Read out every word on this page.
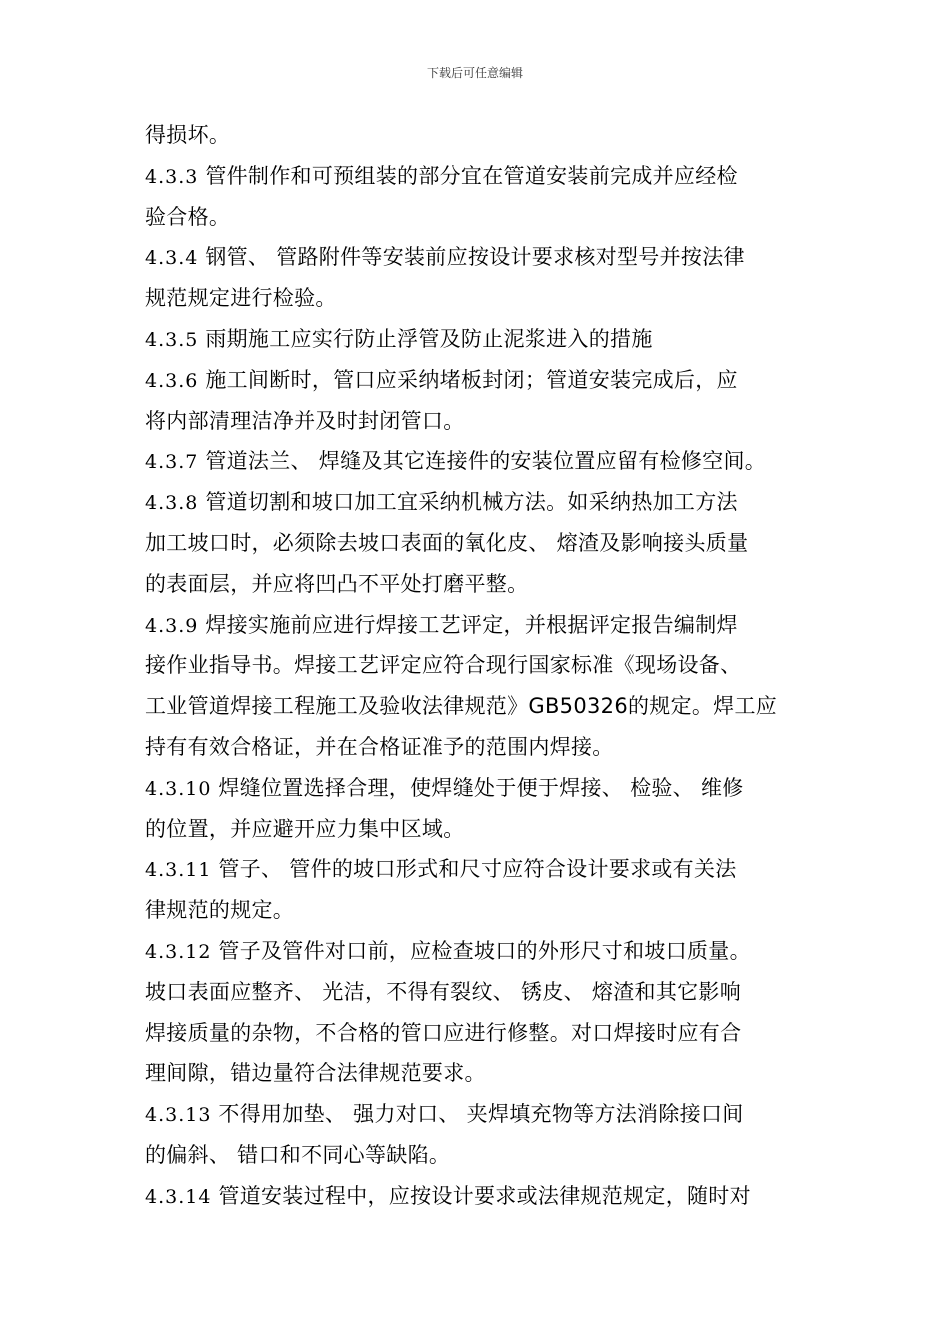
下载后可任意编辑
得损坏。
4.3.3 管件制作和可预组装的部分宜在管道安装前完成并应经检
验合格。
4.3.4 钢管、 管路附件等安装前应按设计要求核对型号并按法律
规范规定进行检验。
4.3.5 雨期施工应实行防止浮管及防止泥浆进入的措施
4.3.6 施工间断时，管口应采纳堵板封闭；管道安装完成后，应
将内部清理洁净并及时封闭管口。
4.3.7 管道法兰、 焊缝及其它连接件的安装位置应留有检修空间。
4.3.8 管道切割和坡口加工宜采纳机械方法。如采纳热加工方法
加工坡口时，必须除去坡口表面的氧化皮、 熔渣及影响接头质量
的表面层，并应将凹凸不平处打磨平整。
4.3.9 焊接实施前应进行焊接工艺评定，并根据评定报告编制焊
接作业指导书。焊接工艺评定应符合现行国家标准《现场设备、
工业管道焊接工程施工及验收法律规范》GB50326的规定。焊工应
持有有效合格证，并在合格证准予的范围内焊接。
4.3.10 焊缝位置选择合理，使焊缝处于便于焊接、 检验、 维修
的位置，并应避开应力集中区域。
4.3.11 管子、 管件的坡口形式和尺寸应符合设计要求或有关法
律规范的规定。
4.3.12 管子及管件对口前，应检查坡口的外形尺寸和坡口质量。
坡口表面应整齐、 光洁，不得有裂纹、 锈皮、 熔渣和其它影响
焊接质量的杂物，不合格的管口应进行修整。对口焊接时应有合
理间隙，错边量符合法律规范要求。
4.3.13 不得用加垫、 强力对口、 夹焊填充物等方法消除接口间
的偏斜、 错口和不同心等缺陷。
4.3.14 管道安装过程中，应按设计要求或法律规范规定，随时对
